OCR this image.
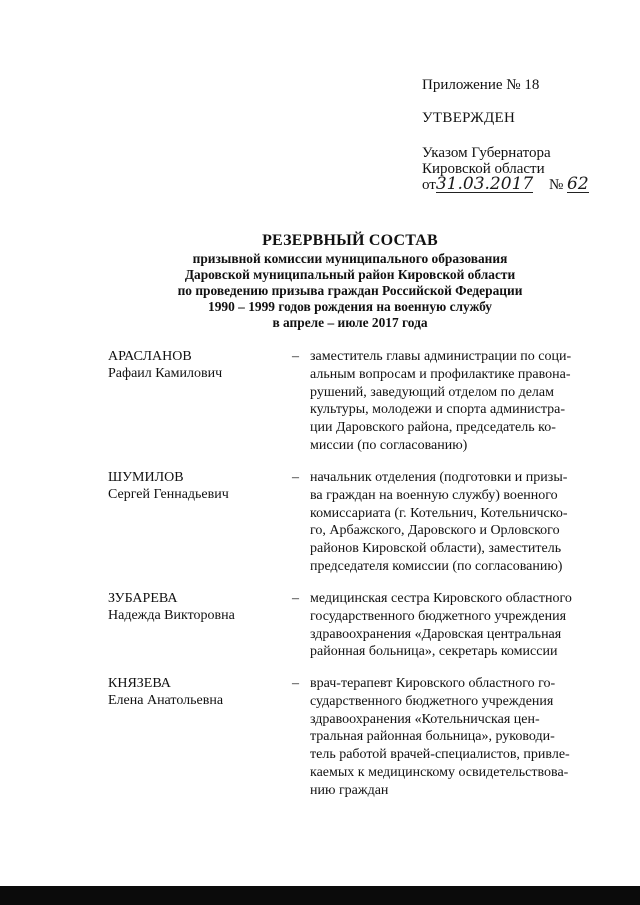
Приложение № 18
УТВЕРЖДЕН
Указом Губернатора
Кировской области
от31.03.2017 № 62
РЕЗЕРВНЫЙ СОСТАВ
призывной комиссии муниципального образования
Даровской муниципальный район Кировской области
по проведению призыва граждан Российской Федерации
1990 – 1999 годов рождения на военную службу
в апреле – июле 2017 года
АРАСЛАНОВ
Рафаил Камилович
– заместитель главы администрации по соци-
альным вопросам и профилактике правона-
рушений, заведующий отделом по делам
культуры, молодежи и спорта администра-
ции Даровского района, председатель ко-
миссии (по согласованию)
ШУМИЛОВ
Сергей Геннадьевич
– начальник отделения (подготовки и призы-
ва граждан на военную службу) военного
комиссариата (г. Котельнич, Котельничско-
го, Арбажского, Даровского и Орловского
районов Кировской области), заместитель
председателя комиссии (по согласованию)
ЗУБАРЕВА
Надежда Викторовна
– медицинская сестра Кировского областного
государственного бюджетного учреждения
здравоохранения «Даровская центральная
районная больница», секретарь комиссии
КНЯЗЕВА
Елена Анатольевна
– врач-терапевт Кировского областного го-
сударственного бюджетного учреждения
здравоохранения «Котельничская цен-
тральная районная больница», руководи-
тель работой врачей-специалистов, привле-
каемых к медицинскому освидетельствова-
нию граждан
